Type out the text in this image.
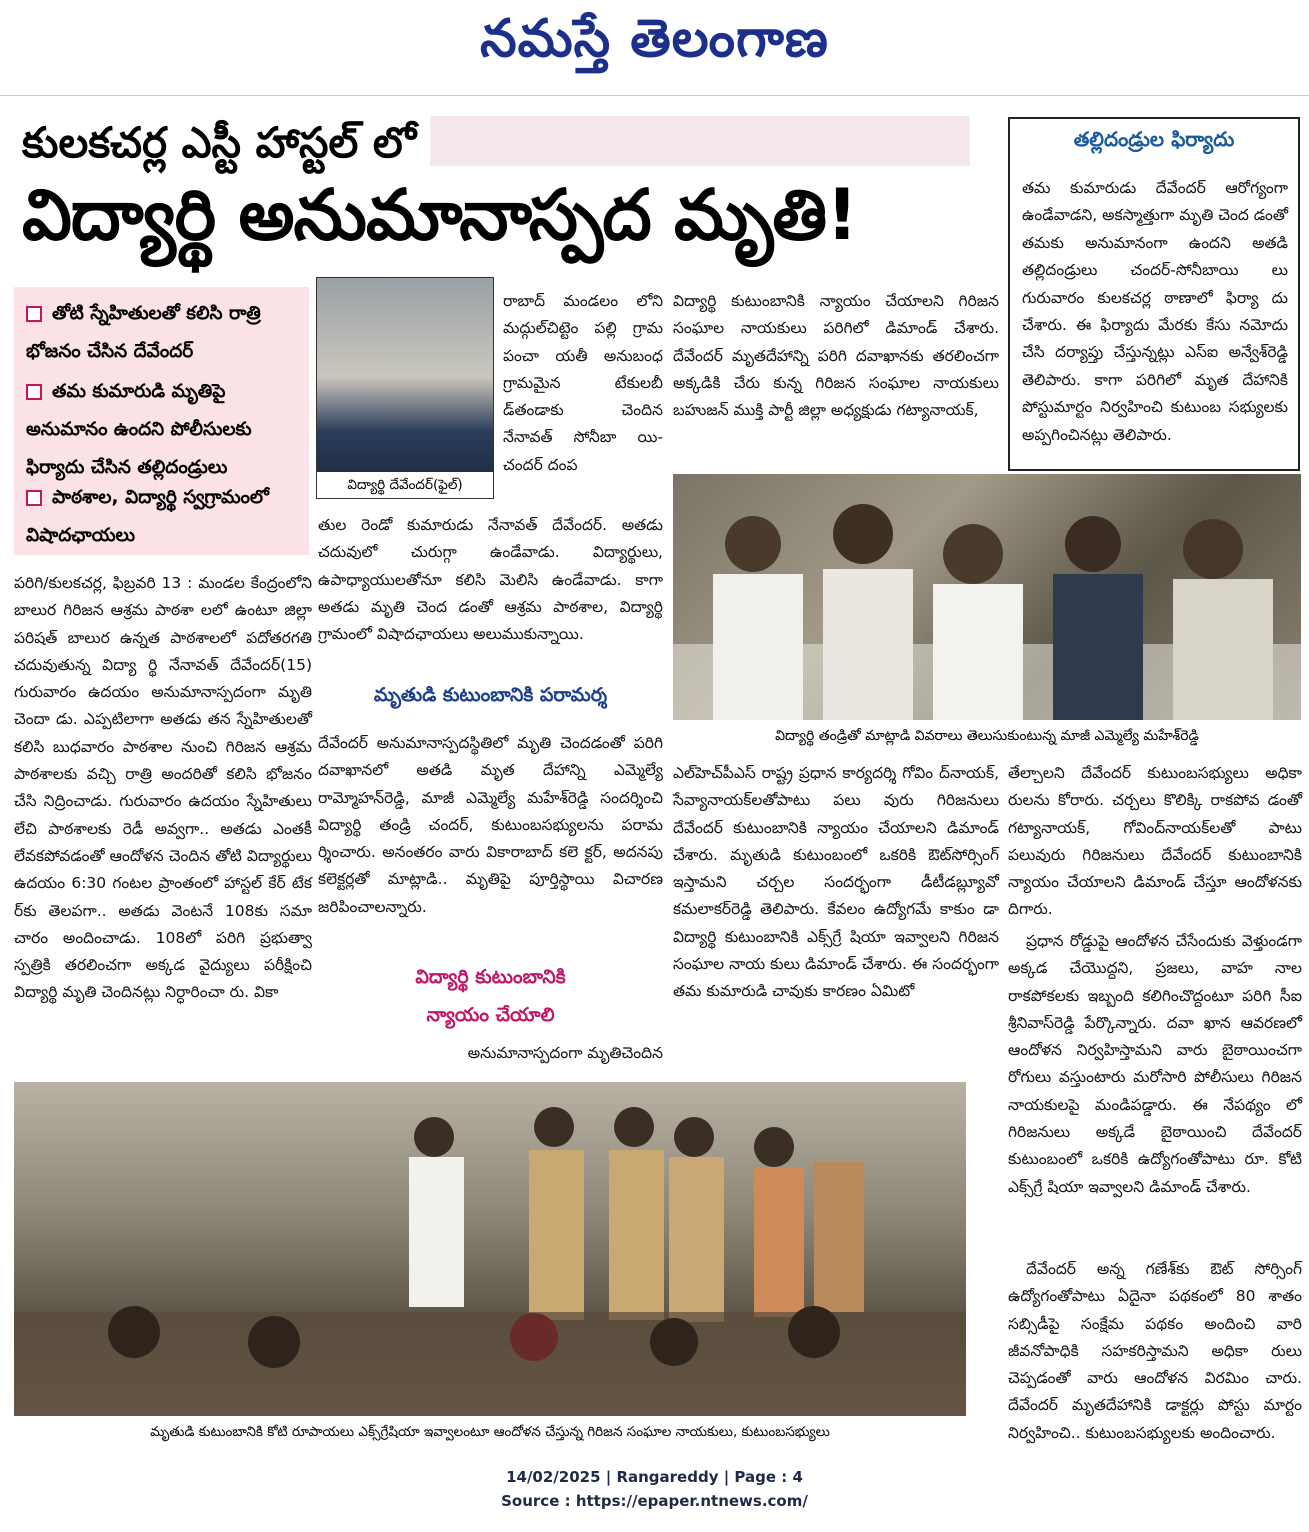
నమస్తే తెలంగాణ
కులకచర్ల ఎస్టీ హాస్టల్ లో
విద్యార్థి అనుమానాస్పద మృతి!
తల్లిదండ్రుల ఫిర్యాదు
తమ కుమారుడు దేవేందర్ ఆరోగ్యంగా ఉండేవాడని, అకస్మాత్తుగా మృతి చెంద డంతో తమకు అనుమానంగా ఉందని అతడి తల్లిదండ్రులు చందర్-సోనీబాయి లు గురువారం కులకచర్ల ఠాణాలో ఫిర్యా దు చేశారు. ఈ ఫిర్యాదు మేరకు కేసు నమోదు చేసి దర్యాప్తు చేస్తున్నట్లు ఎస్ఐ అన్వేశ్‌రెడ్డి తెలిపారు. కాగా పరిగిలో మృత దేహానికి పోస్టుమార్టం నిర్వహించి కుటుంబ సభ్యులకు అప్పగించినట్లు తెలిపారు.
తోటి స్నేహితులతో కలిసి రాత్రి భోజనం చేసిన దేవేందర్
తమ కుమారుడి మృతిపై అనుమానం ఉందని పోలీసులకు ఫిర్యాదు చేసిన తల్లిదండ్రులు
పాఠశాల, విద్యార్థి స్వగ్రామంలో విషాదఛాయలు
విద్యార్థి దేవేందర్(ఫైల్)
పరిగి/కులకచర్ల, ఫిబ్రవరి 13 : మండల కేంద్రంలోని బాలుర గిరిజన ఆశ్రమ పాఠశా లలో ఉంటూ జిల్లా పరిషత్ బాలుర ఉన్నత పాఠశాలలో పదోతరగతి చదువుతున్న విద్యా ర్థి నేనావత్ దేవేందర్(15) గురువారం ఉదయం అనుమానాస్పదంగా మృతి చెందా డు. ఎప్పటిలాగా అతడు తన స్నేహితులతో కలిసి బుధవారం పాఠశాల నుంచి గిరిజన ఆశ్రమ పాఠశాలకు వచ్చి రాత్రి అందరితో కలిసి భోజనం చేసి నిద్రించాడు. గురువారం ఉదయం స్నేహితులు లేచి పాఠశాలకు రెడీ అవ్వగా.. అతడు ఎంతకీ లేవకపోవడంతో ఆందోళన చెందిన తోటి విద్యార్థులు ఉదయం 6:30 గంటల ప్రాంతంలో హాస్టల్ కేర్ టేక ర్‌కు తెలపగా.. అతడు వెంటనే 108కు సమా చారం అందించాడు. 108లో పరిగి ప్రభుత్వా స్పత్రికి తరలించగా అక్కడ వైద్యులు పరీక్షించి విద్యార్థి మృతి చెందినట్లు నిర్ధారించా రు. వికా
రాబాద్ మండలం లోని మద్గుల్‌చిట్టెం పల్లి గ్రామ పంచా యతీ అనుబంధ గ్రామమైన టేకులబీ డ్‌తండాకు చెందిన నేనావత్ సోనీబా యి-చందర్ దంప
తుల రెండో కుమారుడు నేనావత్ దేవేందర్. అతడు చదువులో చురుగ్గా ఉండేవాడు. విద్యార్థులు, ఉపాధ్యాయులతోనూ కలిసి మెలిసి ఉండేవాడు. కాగా అతడు మృతి చెంద డంతో ఆశ్రమ పాఠశాల, విద్యార్థి గ్రామంలో విషాదఛాయలు అలుముకున్నాయి.
మృతుడి కుటుంబానికి పరామర్శ
దేవేందర్ అనుమానాస్పదస్థితిలో మృతి చెందడంతో పరిగి దవాఖానలో అతడి మృత దేహాన్ని ఎమ్మెల్యే రామ్మోహన్‌రెడ్డి, మాజీ ఎమ్మెల్యే మహేశ్‌రెడ్డి సందర్శించి విద్యార్థి తండ్రి చందర్, కుటుంబసభ్యులను పరామ ర్శించారు. అనంతరం వారు వికారాబాద్ కలె క్టర్, అదనపు కలెక్టర్లతో మాట్లాడి.. మృతిపై పూర్తిస్థాయి విచారణ జరిపించాలన్నారు.
విద్యార్థి కుటుంబానికి
న్యాయం చేయాలి
అనుమానాస్పదంగా మృతిచెందిన
విద్యార్థి కుటుంబానికి న్యాయం చేయాలని గిరిజన సంఘాల నాయకులు పరిగిలో డిమాండ్ చేశారు. దేవేందర్ మృతదేహాన్ని పరిగి దవాఖానకు తరలించగా అక్కడికి చేరు కున్న గిరిజన సంఘాల నాయకులు బహుజన్ ముక్తి పార్టీ జిల్లా అధ్యక్షుడు గట్యానాయక్,
విద్యార్థి తండ్రితో మాట్లాడి వివరాలు తెలుసుకుంటున్న మాజీ ఎమ్మెల్యే మహేశ్‌రెడ్డి
ఎల్‌హెచ్‌పీఎస్ రాష్ట్ర ప్రధాన కార్యదర్శి గోవిం ద్‌నాయక్, సేవ్యానాయక్‌లతోపాటు పలు వురు గిరిజనులు దేవేందర్ కుటుంబానికి న్యాయం చేయాలని డిమాండ్ చేశారు. మృతుడి కుటుంబంలో ఒకరికి ఔట్‌సోర్సింగ్ ఇస్తామని చర్చల సందర్భంగా డీటీడబ్ల్యూవో కమలాకర్‌రెడ్డి తెలిపారు. కేవలం ఉద్యోగమే కాకుం డా విద్యార్థి కుటుంబానికి ఎక్స్‌గ్రే షియా ఇవ్వాలని గిరిజన సంఘాల నాయ కులు డిమాండ్ చేశారు. ఈ సందర్భంగా తమ కుమారుడి చావుకు కారణం ఏమిటో
తేల్చాలని దేవేందర్ కుటుంబసభ్యులు అధికా రులను కోరారు. చర్చలు కొలిక్కి రాకపోవ డంతో గట్యానాయక్, గోవింద్‌నాయక్‌లతో పాటు పలువురు గిరిజనులు దేవేందర్ కుటుంబానికి న్యాయం చేయాలని డిమాండ్ చేస్తూ ఆందోళనకు దిగారు.
ప్రధాన రోడ్డుపై ఆందోళన చేసేందుకు వెళ్తుండగా అక్కడ చేయొద్దని, ప్రజలు, వాహ నాల రాకపోకలకు ఇబ్బంది కలిగించొద్దంటూ పరిగి సీఐ శ్రీనివాస్‌రెడ్డి పేర్కొన్నారు. దవా ఖాన ఆవరణలో ఆందోళన నిర్వహిస్తామని వారు బైఠాయించగా రోగులు వస్తుంటారు మరోసారి పోలీసులు గిరిజన నాయకులపై మండిపడ్డారు. ఈ నేపథ్యం లో గిరిజనులు అక్కడే బైఠాయించి దేవేందర్ కుటుంబంలో ఒకరికి ఉద్యోగంతోపాటు రూ. కోటి ఎక్స్‌గ్రే షియా ఇవ్వాలని డిమాండ్ చేశారు.
దేవేందర్ అన్న గణేశ్‌కు ఔట్ సోర్సింగ్ ఉద్యోగంతోపాటు ఏదైనా పథకంలో 80 శాతం సబ్సిడీపై సంక్షేమ పథకం అందించి వారి జీవనోపాధికి సహకరిస్తామని అధికా రులు చెప్పడంతో వారు ఆందోళన విరమిం చారు. దేవేందర్ మృతదేహానికి డాక్టర్లు పోస్టు మార్టం నిర్వహించి.. కుటుంబసభ్యులకు అందించారు.
మృతుడి కుటుంబానికి కోటి రూపాయలు ఎక్స్‌గ్రేషియా ఇవ్వాలంటూ ఆందోళన చేస్తున్న గిరిజన సంఘాల నాయకులు, కుటుంబసభ్యులు
14/02/2025 | Rangareddy | Page : 4
Source : https://epaper.ntnews.com/
